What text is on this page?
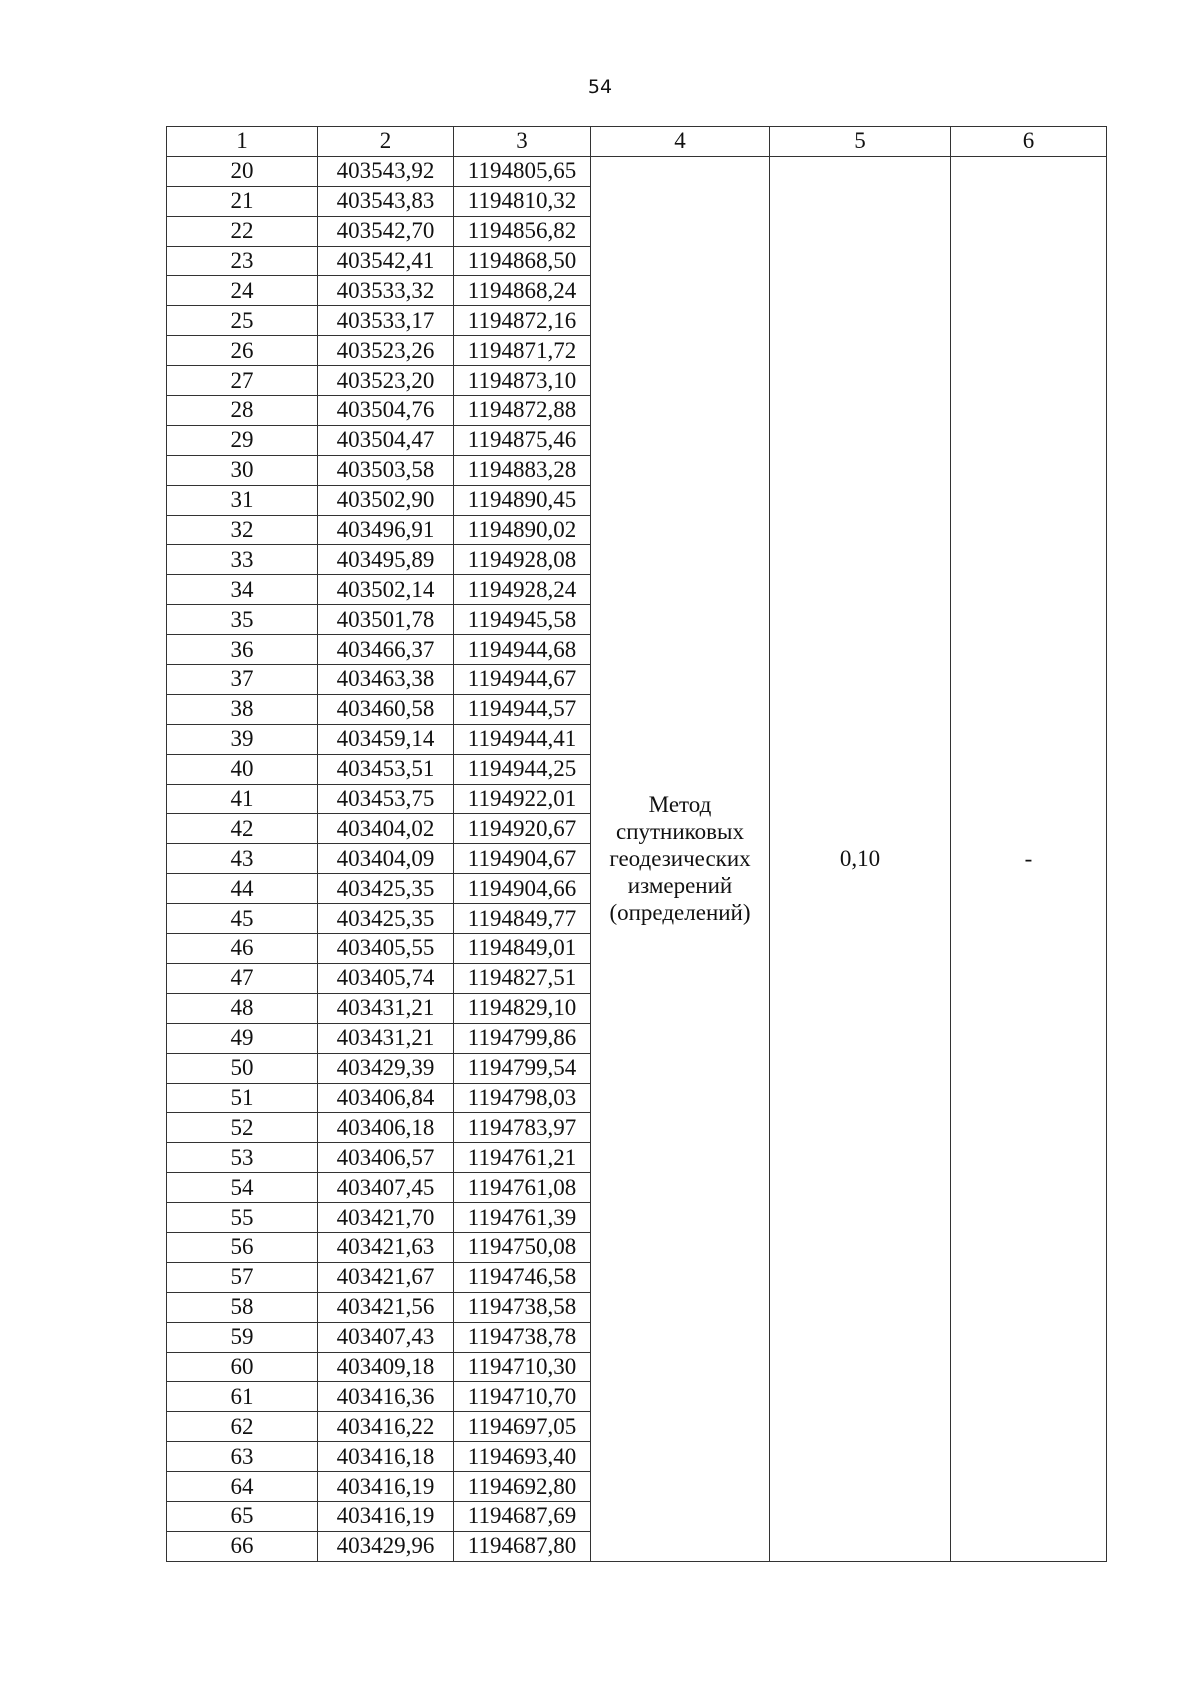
54
1	2	3	4	5	6
20	403543,92	1194805,65	Метод
спутниковых
геодезических
измерений
(определений)	0,10	-
21	403543,83	1194810,32			
22	403542,70	1194856,82			
23	403542,41	1194868,50			
24	403533,32	1194868,24			
25	403533,17	1194872,16			
26	403523,26	1194871,72			
27	403523,20	1194873,10			
28	403504,76	1194872,88			
29	403504,47	1194875,46			
30	403503,58	1194883,28			
31	403502,90	1194890,45			
32	403496,91	1194890,02			
33	403495,89	1194928,08			
34	403502,14	1194928,24			
35	403501,78	1194945,58			
36	403466,37	1194944,68			
37	403463,38	1194944,67			
38	403460,58	1194944,57			
39	403459,14	1194944,41			
40	403453,51	1194944,25			
41	403453,75	1194922,01			
42	403404,02	1194920,67			
43	403404,09	1194904,67			
44	403425,35	1194904,66			
45	403425,35	1194849,77			
46	403405,55	1194849,01			
47	403405,74	1194827,51			
48	403431,21	1194829,10			
49	403431,21	1194799,86			
50	403429,39	1194799,54			
51	403406,84	1194798,03			
52	403406,18	1194783,97			
53	403406,57	1194761,21			
54	403407,45	1194761,08			
55	403421,70	1194761,39			
56	403421,63	1194750,08			
57	403421,67	1194746,58			
58	403421,56	1194738,58			
59	403407,43	1194738,78			
60	403409,18	1194710,30			
61	403416,36	1194710,70			
62	403416,22	1194697,05			
63	403416,18	1194693,40			
64	403416,19	1194692,80			
65	403416,19	1194687,69			
66	403429,96	1194687,80			
